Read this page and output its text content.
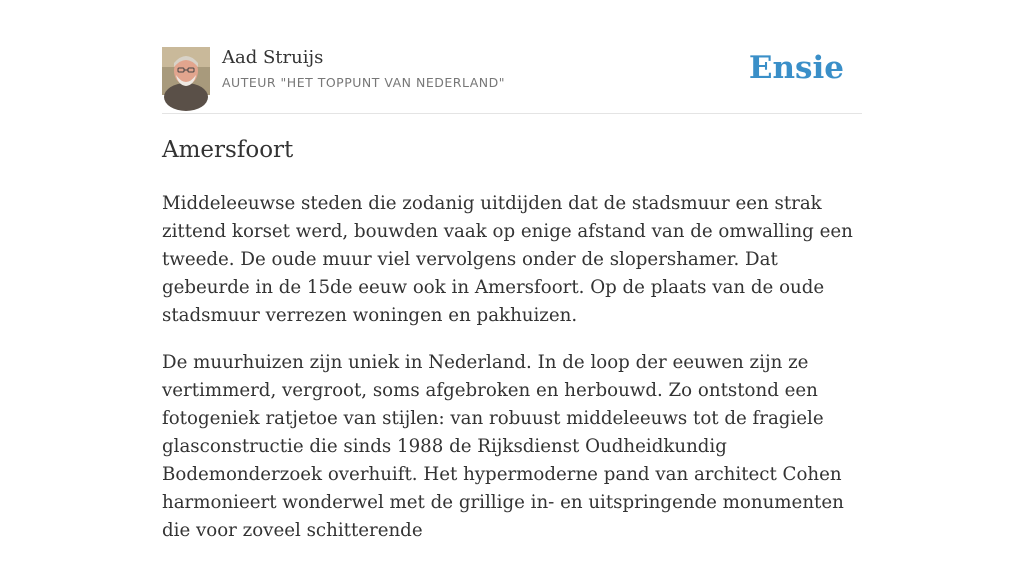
Aad Struijs
AUTEUR "HET TOPPUNT VAN NEDERLAND"	Ensie
Amersfoort

Middeleeuwse steden die zodanig uitdijden dat de stadsmuur een strak zittend korset werd, bouwden vaak op enige afstand van de omwalling een tweede. De oude muur viel vervolgens onder de slopershamer. Dat gebeurde in de 15de eeuw ook in Amersfoort. Op de plaats van de oude stadsmuur verrezen woningen en pakhuizen.

De muurhuizen zijn uniek in Nederland. In de loop der eeuwen zijn ze vertimmerd, vergroot, soms afgebroken en herbouwd. Zo ontstond een fotogeniek ratjetoe van stijlen: van robuust middeleeuws tot de fragiele glasconstructie die sinds 1988 de Rijksdienst Oudheidkundig Bodemonderzoek overhuift. Het hypermoderne pand van architect Cohen harmonieert wonderwel met de grillige in- en uitspringende monumenten die voor zoveel schitterende
